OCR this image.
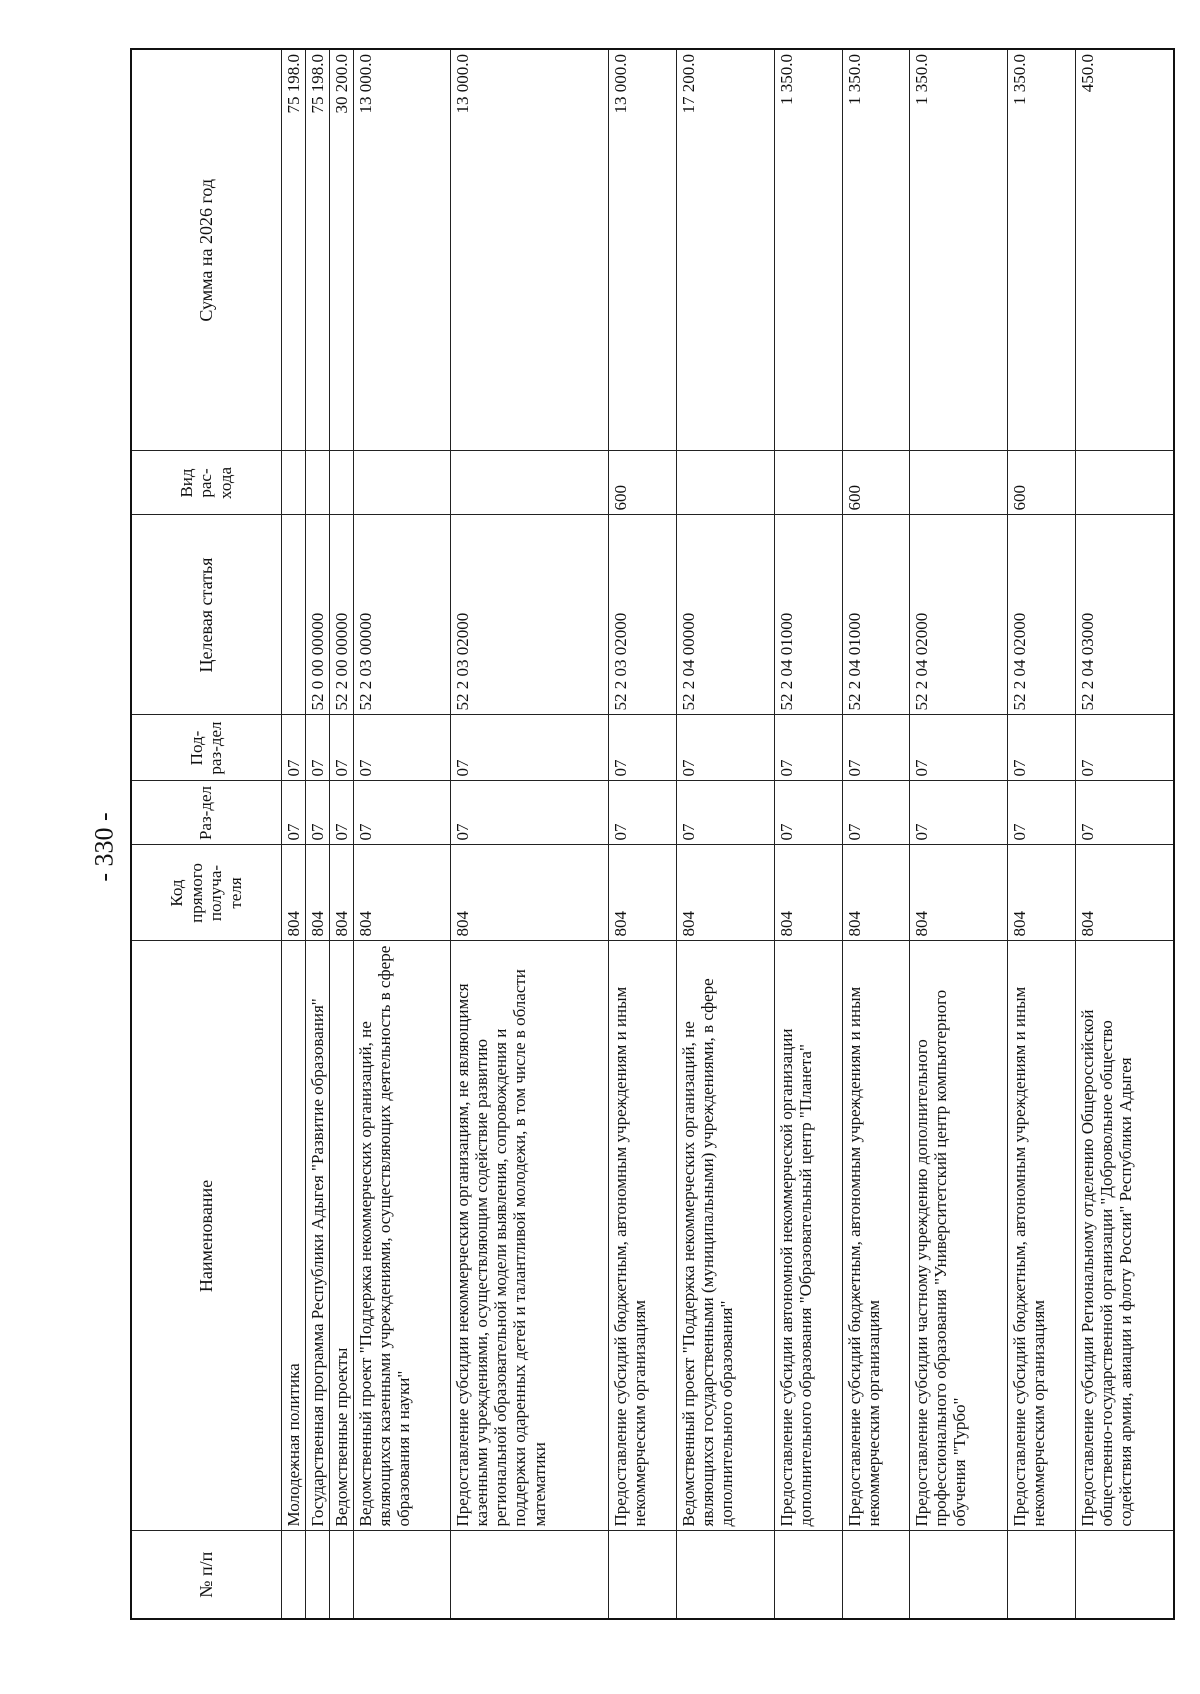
- 330 -
№ п/п	Наименование	Код прямого получа-теля	Раз-дел	Под-раз-дел	Целевая статья	Вид рас-хода	Сумма на 2026 год
	Молодежная политика	804	07	07			75 198.0
	Государственная программа Республики Адыгея "Развитие образования"	804	07	07	52 0 00 00000		75 198.0
	Ведомственные проекты	804	07	07	52 2 00 00000		30 200.0
	Ведомственный проект "Поддержка некоммерческих организаций, не являющихся казенными учреждениями, осуществляющих деятельность в сфере образования и науки"	804	07	07	52 2 03 00000		13 000.0
	Предоставление субсидии некоммерческим организациям, не являющимся казенными учреждениями, осуществляющим содействие развитию региональной образовательной модели выявления, сопровождения и поддержки одаренных детей и талантливой молодежи, в том числе в области математики	804	07	07	52 2 03 02000		13 000.0
	Предоставление субсидий бюджетным, автономным учреждениям и иным некоммерческим организациям	804	07	07	52 2 03 02000	600	13 000.0
	Ведомственный проект "Поддержка некоммерческих организаций, не являющихся государственными (муниципальными) учреждениями, в сфере дополнительного образования"	804	07	07	52 2 04 00000		17 200.0
	Предоставление субсидии автономной некоммерческой организации дополнительного образования "Образовательный центр "Планета"	804	07	07	52 2 04 01000		1 350.0
	Предоставление субсидий бюджетным, автономным учреждениям и иным некоммерческим организациям	804	07	07	52 2 04 01000	600	1 350.0
	Предоставление субсидии частному учреждению дополнительного профессионального образования "Университетский центр компьютерного обучения "Турбо"	804	07	07	52 2 04 02000		1 350.0
	Предоставление субсидий бюджетным, автономным учреждениям и иным некоммерческим организациям	804	07	07	52 2 04 02000	600	1 350.0
	Предоставление субсидии Региональному отделению Общероссийской общественно-государственной организации "Добровольное общество содействия армии, авиации и флоту России" Республики Адыгея	804	07	07	52 2 04 03000		450.0
